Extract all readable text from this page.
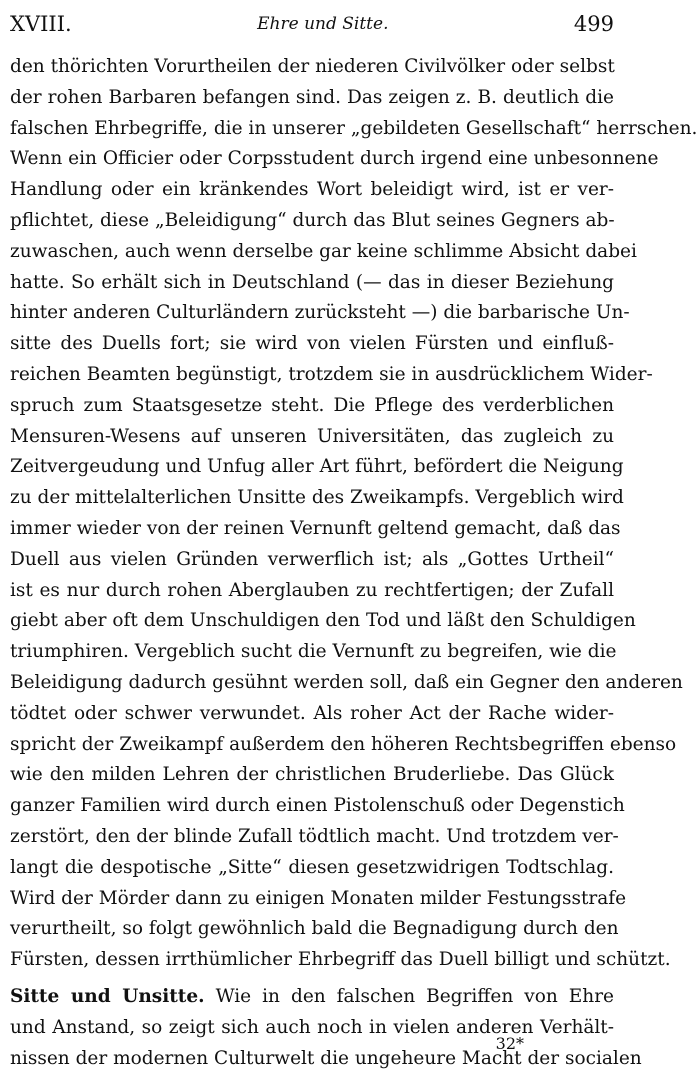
XVIII.	Ehre und Sitte.	499
den thörichten Vorurtheilen der niederen Civilvölker oder selbst
der rohen Barbaren befangen sind. Das zeigen z. B. deutlich die
falschen Ehrbegriffe, die in unserer „gebildeten Gesellschaft“ herrschen.
Wenn ein Officier oder Corpsstudent durch irgend eine unbesonnene
Handlung oder ein kränkendes Wort beleidigt wird, ist er ver-
pflichtet, diese „Beleidigung“ durch das Blut seines Gegners ab-
zuwaschen, auch wenn derselbe gar keine schlimme Absicht dabei
hatte. So erhält sich in Deutschland (— das in dieser Beziehung
hinter anderen Culturländern zurücksteht —) die barbarische Un-
sitte des Duells fort; sie wird von vielen Fürsten und einfluß-
reichen Beamten begünstigt, trotzdem sie in ausdrücklichem Wider-
spruch zum Staatsgesetze steht. Die Pflege des verderblichen
Mensuren-Wesens auf unseren Universitäten, das zugleich zu
Zeitvergeudung und Unfug aller Art führt, befördert die Neigung
zu der mittelalterlichen Unsitte des Zweikampfs. Vergeblich wird
immer wieder von der reinen Vernunft geltend gemacht, daß das
Duell aus vielen Gründen verwerflich ist; als „Gottes Urtheil“
ist es nur durch rohen Aberglauben zu rechtfertigen; der Zufall
giebt aber oft dem Unschuldigen den Tod und läßt den Schuldigen
triumphiren. Vergeblich sucht die Vernunft zu begreifen, wie die
Beleidigung dadurch gesühnt werden soll, daß ein Gegner den anderen
tödtet oder schwer verwundet. Als roher Act der Rache wider-
spricht der Zweikampf außerdem den höheren Rechtsbegriffen ebenso
wie den milden Lehren der christlichen Bruderliebe. Das Glück
ganzer Familien wird durch einen Pistolenschuß oder Degenstich
zerstört, den der blinde Zufall tödtlich macht. Und trotzdem ver-
langt die despotische „Sitte“ diesen gesetzwidrigen Todtschlag.
Wird der Mörder dann zu einigen Monaten milder Festungsstrafe
verurtheilt, so folgt gewöhnlich bald die Begnadigung durch den
Fürsten, dessen irrthümlicher Ehrbegriff das Duell billigt und schützt.
Sitte und Unsitte. Wie in den falschen Begriffen von Ehre
und Anstand, so zeigt sich auch noch in vielen anderen Verhält-
nissen der modernen Culturwelt die ungeheure Macht der socialen
32*
